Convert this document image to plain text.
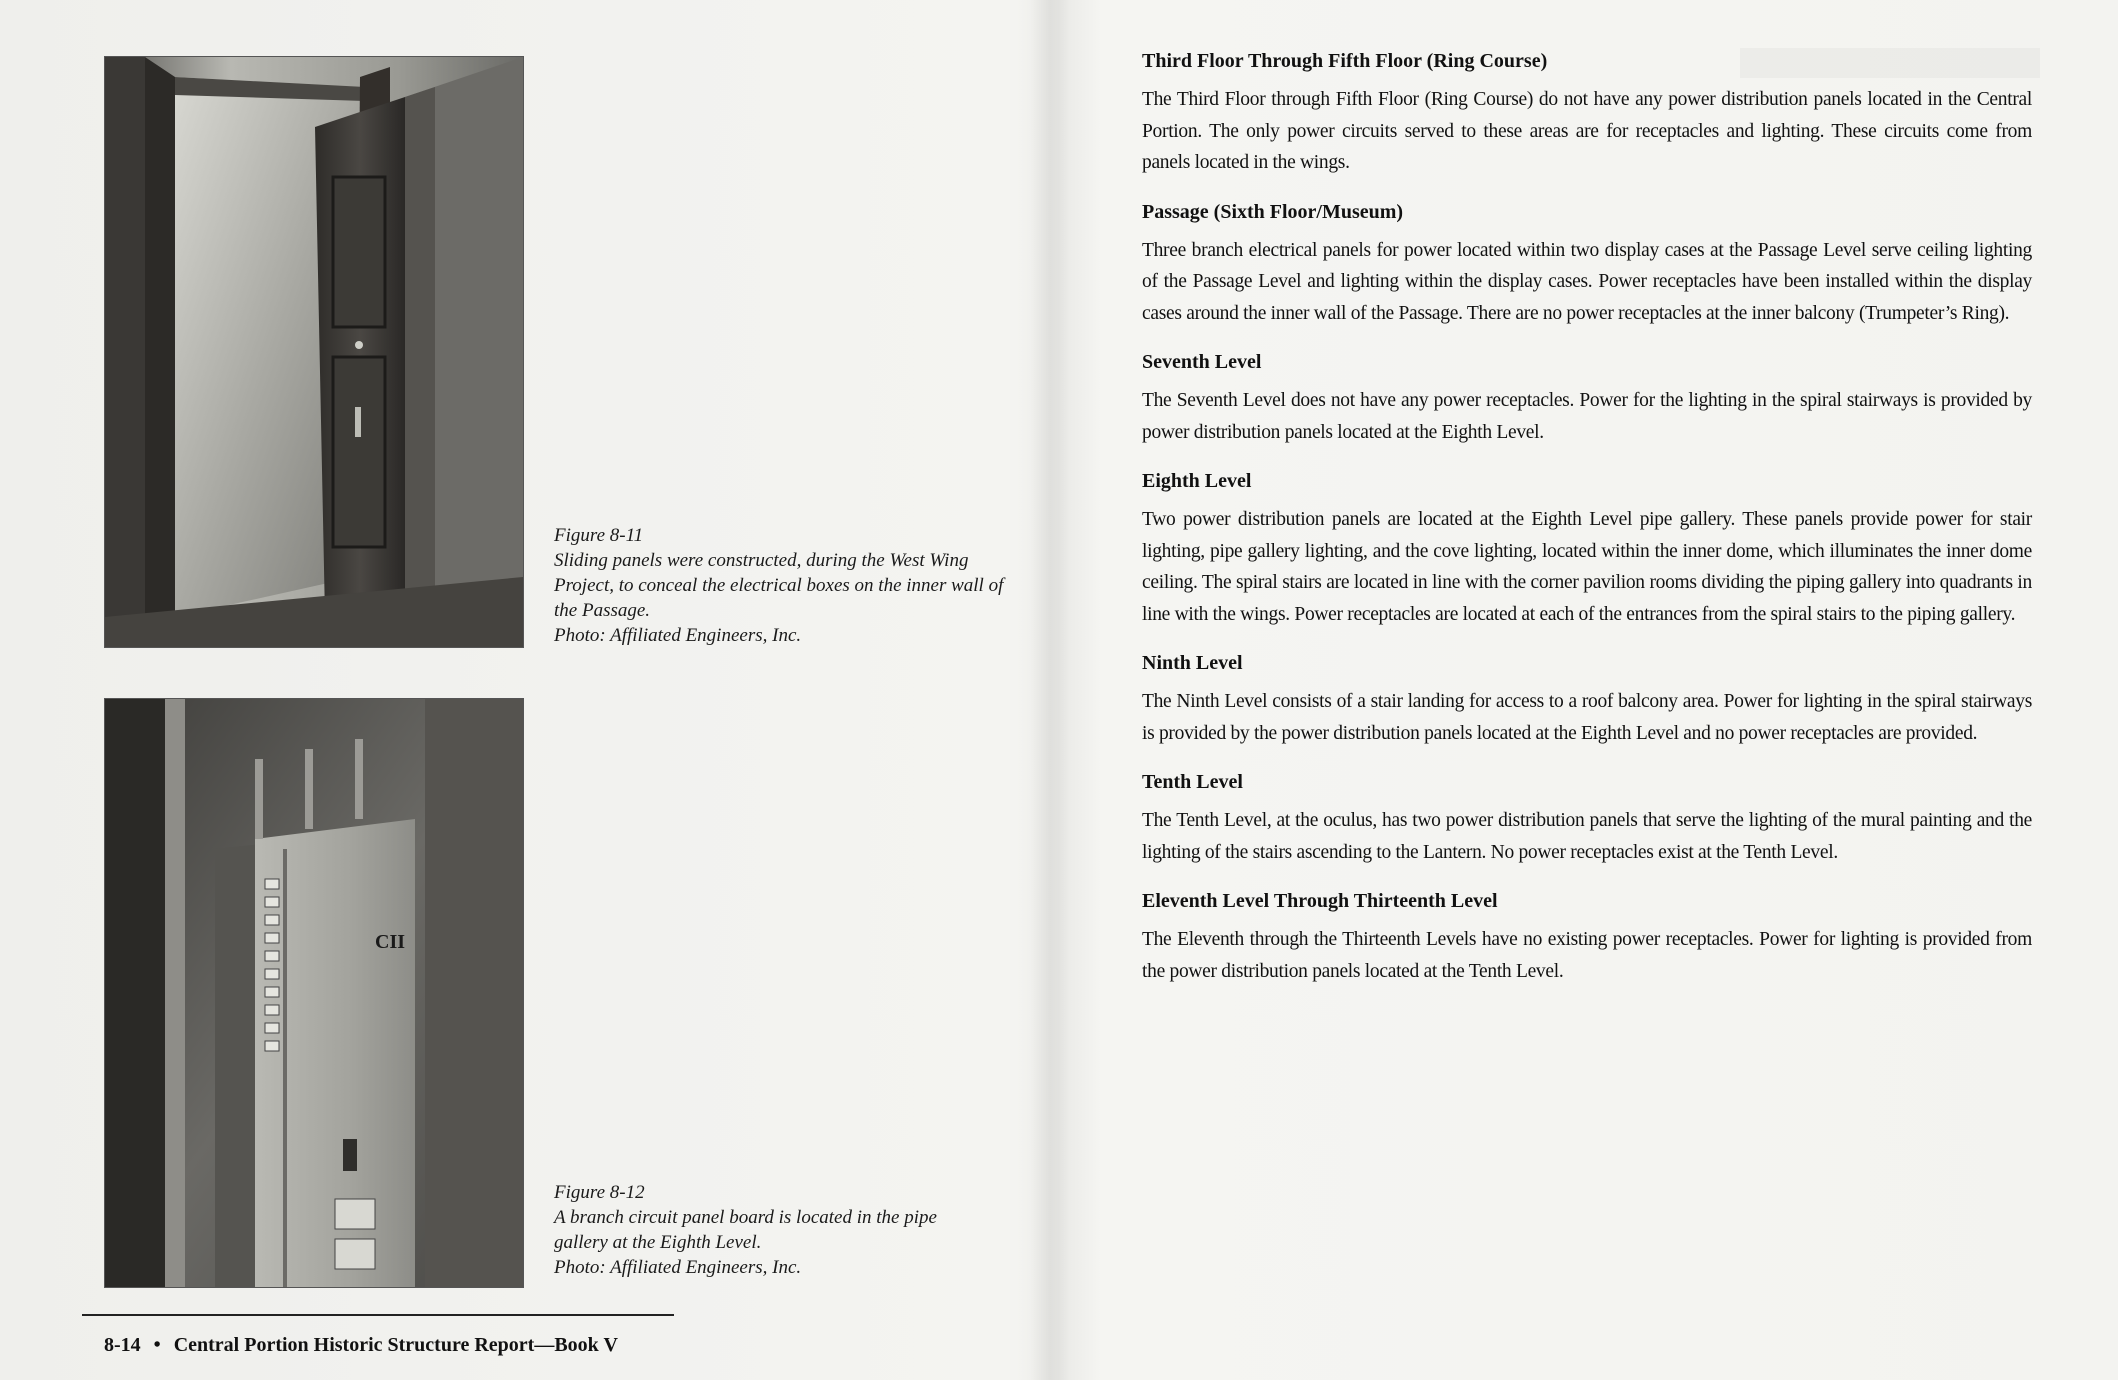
Figure 8-11
Sliding panels were constructed, during the West Wing Project, to conceal the electrical boxes on the inner wall of the Passage.
Photo: Affiliated Engineers, Inc.
CII
Figure 8-12
A branch circuit panel board is located in the pipe gallery at the Eighth Level.
Photo: Affiliated Engineers, Inc.
8-14 • Central Portion Historic Structure Report—Book V
Third Floor Through Fifth Floor (Ring Course)

The Third Floor through Fifth Floor (Ring Course) do not have any power distribution panels located in the Central Portion. The only power circuits served to these areas are for receptacles and lighting. These circuits come from panels located in the wings.

Passage (Sixth Floor/Museum)

Three branch electrical panels for power located within two display cases at the Passage Level serve ceiling lighting of the Passage Level and lighting within the display cases. Power receptacles have been installed within the display cases around the inner wall of the Passage. There are no power receptacles at the inner balcony (Trumpeter’s Ring).

Seventh Level

The Seventh Level does not have any power receptacles. Power for the lighting in the spiral stairways is provided by power distribution panels located at the Eighth Level.

Eighth Level

Two power distribution panels are located at the Eighth Level pipe gallery. These panels provide power for stair lighting, pipe gallery lighting, and the cove lighting, located within the inner dome, which illuminates the inner dome ceiling. The spiral stairs are located in line with the corner pavilion rooms dividing the piping gallery into quadrants in line with the wings. Power receptacles are located at each of the entrances from the spiral stairs to the piping gallery.

Ninth Level

The Ninth Level consists of a stair landing for access to a roof balcony area. Power for lighting in the spiral stairways is provided by the power distribution panels located at the Eighth Level and no power receptacles are provided.

Tenth Level

The Tenth Level, at the oculus, has two power distribution panels that serve the lighting of the mural painting and the lighting of the stairs ascending to the Lantern. No power receptacles exist at the Tenth Level.

Eleventh Level Through Thirteenth Level

The Eleventh through the Thirteenth Levels have no existing power receptacles. Power for lighting is provided from the power distribution panels located at the Tenth Level.
